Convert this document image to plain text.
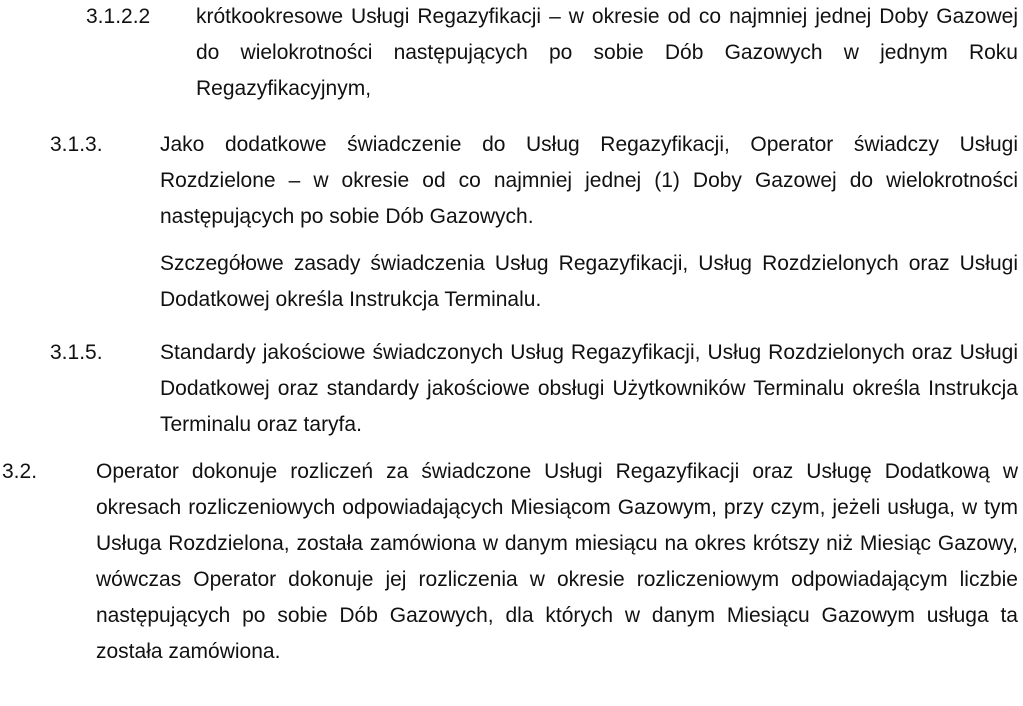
3.1.2.2 krótkookresowe Usługi Regazyfikacji – w okresie od co najmniej jednej Doby Gazowej do wielokrotności następujących po sobie Dób Gazowych w jednym Roku Regazyfikacyjnym,
3.1.3.	Jako dodatkowe świadczenie do Usług Regazyfikacji, Operator świadczy Usługi Rozdzielone – w okresie od co najmniej jednej (1) Doby Gazowej do wielokrotności następujących po sobie Dób Gazowych.
Szczegółowe zasady świadczenia Usług Regazyfikacji, Usług Rozdzielonych oraz Usługi Dodatkowej określa Instrukcja Terminalu.
3.1.5.	Standardy jakościowe świadczonych Usług Regazyfikacji, Usług Rozdzielonych oraz Usługi Dodatkowej oraz standardy jakościowe obsługi Użytkowników Terminalu określa Instrukcja Terminalu oraz taryfa.
3.2.	Operator dokonuje rozliczeń za świadczone Usługi Regazyfikacji oraz Usługę Dodatkową w okresach rozliczeniowych odpowiadających Miesiącom Gazowym, przy czym, jeżeli usługa, w tym Usługa Rozdzielona, została zamówiona w danym miesiącu na okres krótszy niż Miesiąc Gazowy, wówczas Operator dokonuje jej rozliczenia w okresie rozliczeniowym odpowiadającym liczbie następujących po sobie Dób Gazowych, dla których w danym Miesiącu Gazowym usługa ta została zamówiona.
